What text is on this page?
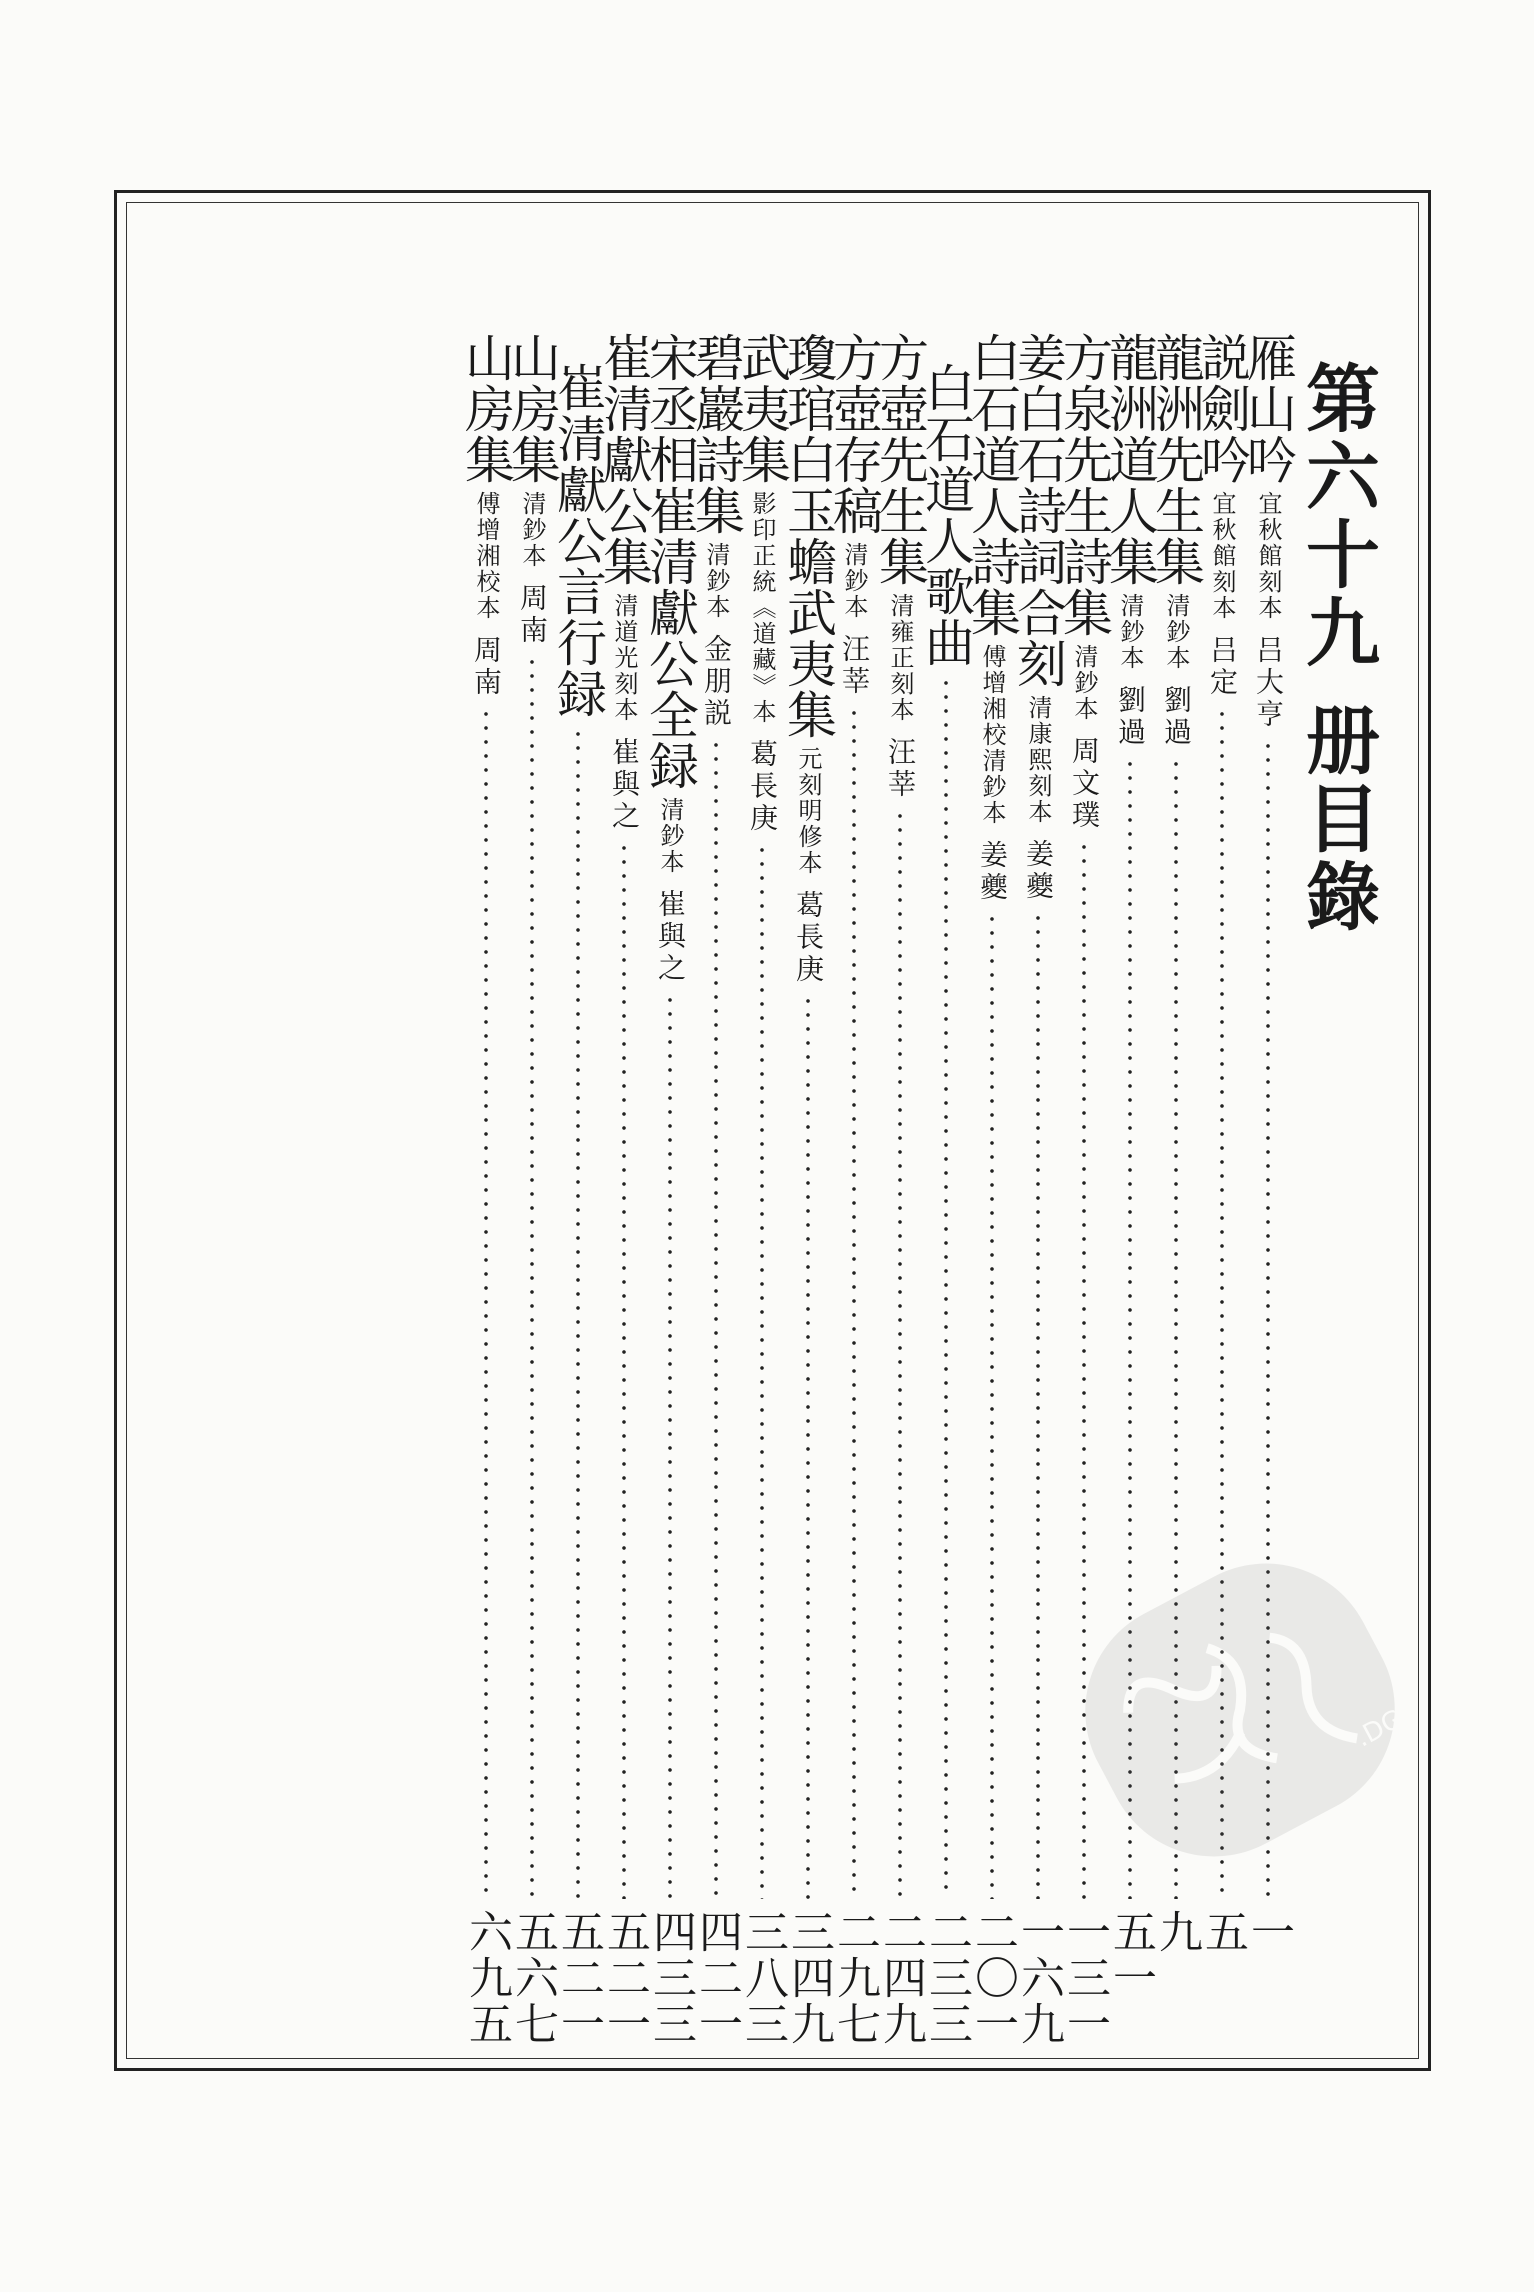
第六十九 册目錄
雁山吟
宜秋館刻本
吕大亨
一
説劍吟
宜秋館刻本
吕定
五
龍洲先生集
清鈔本
劉過
九
龍洲道人集
清鈔本
劉過
五一
方泉先生詩集
清鈔本
周文璞
一三一
姜白石詩詞合刻
清康熙刻本
姜夔
一六九
白石道人詩集
傅增湘校清鈔本
姜夔
二〇一
白石道人歌曲
二三三
方壺先生集
清雍正刻本
汪莘
二四九
方壺存稿
清鈔本
汪莘
二九七
瓊琯白玉蟾武夷集
元刻明修本
葛長庚
三四九
武夷集
影印正統《道藏》本
葛長庚
三八三
碧巖詩集
清鈔本
金朋説
四二一
宋丞相崔清獻公全録
清鈔本
崔與之
四三三
崔清獻公集
清道光刻本
崔與之
五二一
崔清獻公言行録
五二一
山房集
清鈔本
周南
五六七
山房集
傅增湘校本
周南
六九五
.DG
